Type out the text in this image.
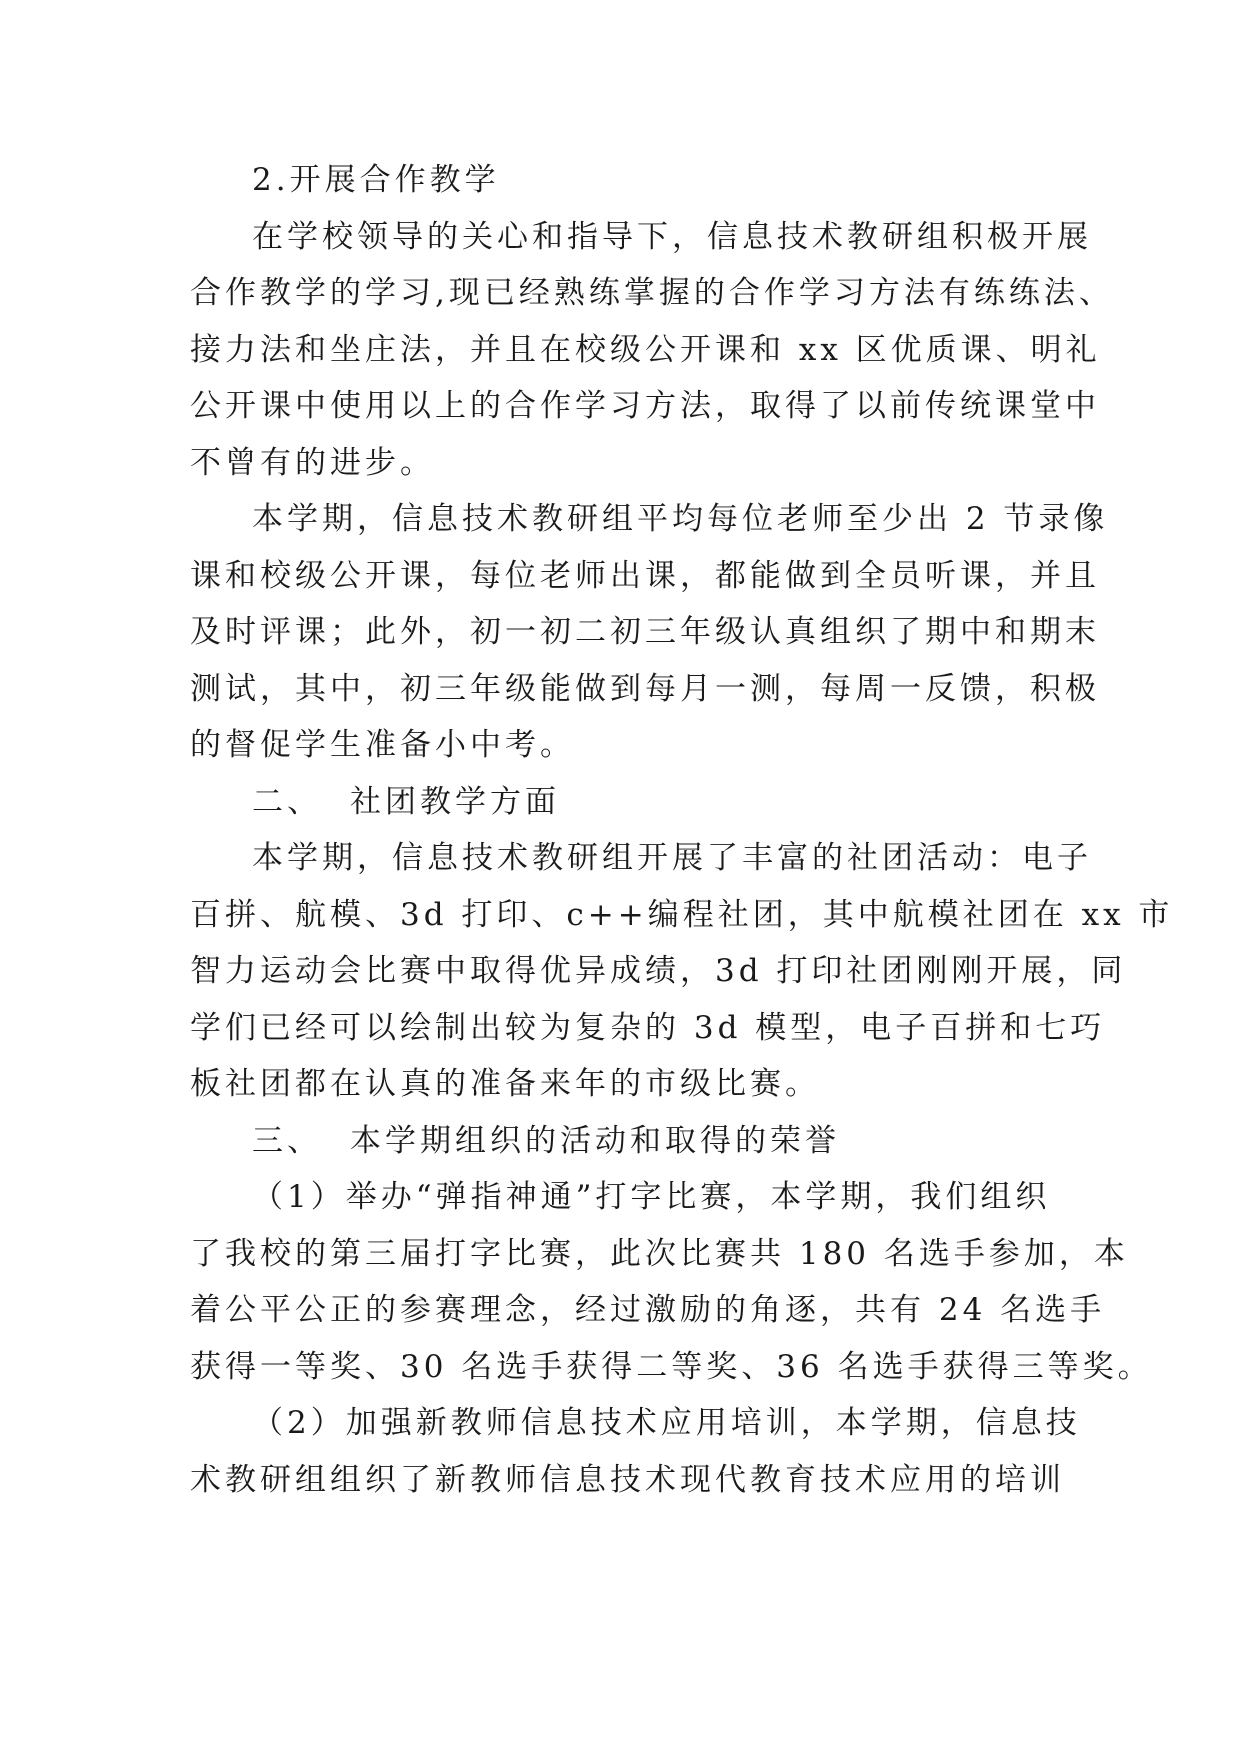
2.开展合作教学
在学校领导的关心和指导下，信息技术教研组积极开展
合作教学的学习,现已经熟练掌握的合作学习方法有练练法、
接力法和坐庄法，并且在校级公开课和 xx 区优质课、明礼
公开课中使用以上的合作学习方法，取得了以前传统课堂中
不曾有的进步。
本学期，信息技术教研组平均每位老师至少出 2 节录像
课和校级公开课，每位老师出课，都能做到全员听课，并且
及时评课；此外，初一初二初三年级认真组织了期中和期末
测试，其中，初三年级能做到每月一测，每周一反馈，积极
的督促学生准备小中考。
二、 社团教学方面
本学期，信息技术教研组开展了丰富的社团活动：电子
百拼、航模、3d 打印、c++编程社团，其中航模社团在 xx 市
智力运动会比赛中取得优异成绩，3d 打印社团刚刚开展，同
学们已经可以绘制出较为复杂的 3d 模型，电子百拼和七巧
板社团都在认真的准备来年的市级比赛。
三、 本学期组织的活动和取得的荣誉
（1）举办“弹指神通”打字比赛，本学期，我们组织
了我校的第三届打字比赛，此次比赛共 180 名选手参加，本
着公平公正的参赛理念，经过激励的角逐，共有 24 名选手
获得一等奖、30 名选手获得二等奖、36 名选手获得三等奖。
（2）加强新教师信息技术应用培训，本学期，信息技
术教研组组织了新教师信息技术现代教育技术应用的培训
